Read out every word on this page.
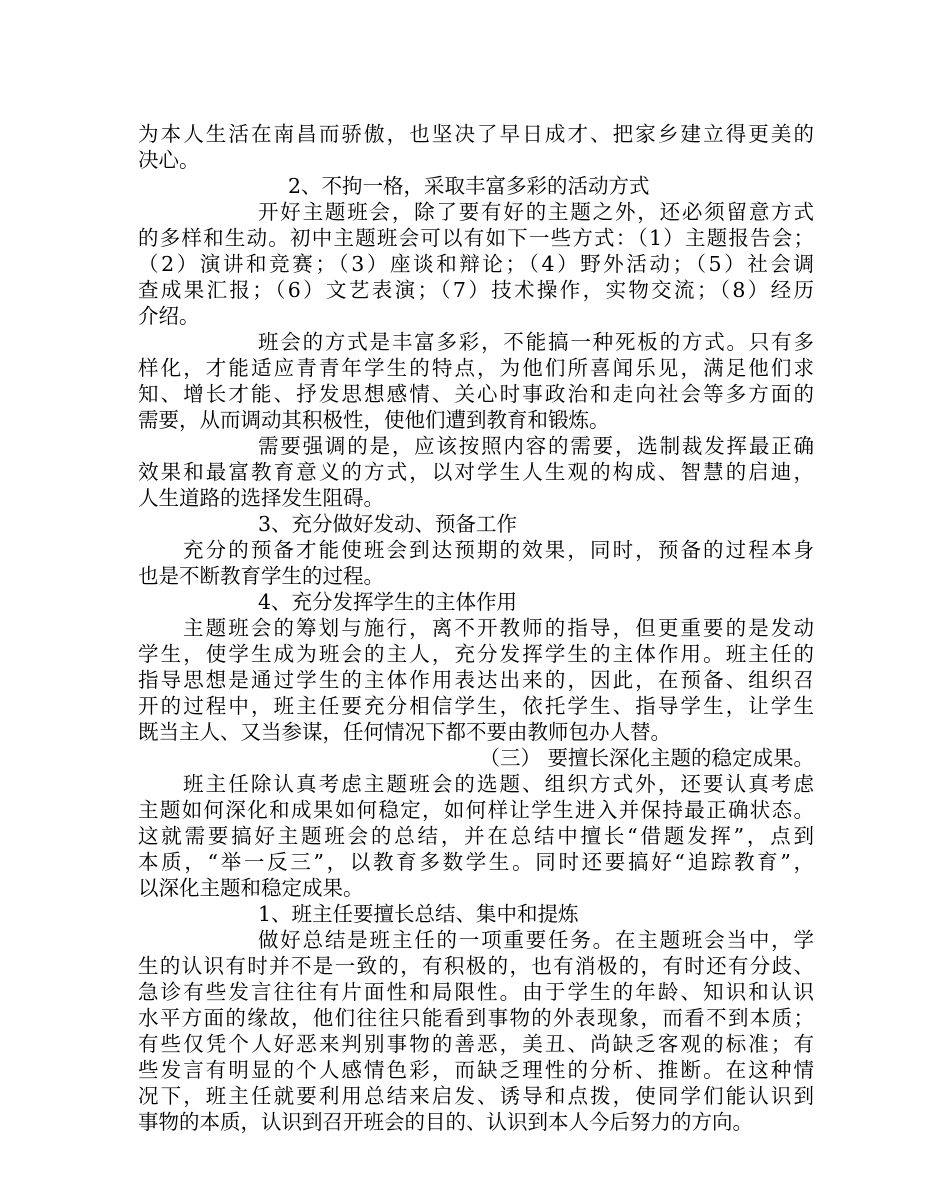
为本人生活在南昌而骄傲，也坚决了早日成才、把家乡建立得更美的
决心。
2、不拘一格，采取丰富多彩的活动方式
开好主题班会，除了要有好的主题之外，还必须留意方式
的多样和生动。初中主题班会可以有如下一些方式：（1）主题报告会；
（2）演讲和竞赛；（3）座谈和辩论；（4）野外活动；（5）社会调
查成果汇报；（6）文艺表演；（7）技术操作，实物交流；（8）经历
介绍。
班会的方式是丰富多彩，不能搞一种死板的方式。只有多
样化，才能适应青青年学生的特点，为他们所喜闻乐见，满足他们求
知、增长才能、抒发思想感情、关心时事政治和走向社会等多方面的
需要，从而调动其积极性，使他们遭到教育和锻炼。
需要强调的是，应该按照内容的需要，选制裁发挥最正确
效果和最富教育意义的方式，以对学生人生观的构成、智慧的启迪，
人生道路的选择发生阻碍。
3、充分做好发动、预备工作
充分的预备才能使班会到达预期的效果，同时，预备的过程本身
也是不断教育学生的过程。
4、充分发挥学生的主体作用
主题班会的筹划与施行，离不开教师的指导，但更重要的是发动
学生，使学生成为班会的主人，充分发挥学生的主体作用。班主任的
指导思想是通过学生的主体作用表达出来的，因此，在预备、组织召
开的过程中，班主任要充分相信学生，依托学生、指导学生，让学生
既当主人、又当参谋，任何情况下都不要由教师包办人替。
（三） 要擅长深化主题的稳定成果。
班主任除认真考虑主题班会的选题、组织方式外，还要认真考虑
主题如何深化和成果如何稳定，如何样让学生进入并保持最正确状态。
这就需要搞好主题班会的总结，并在总结中擅长“借题发挥”，点到
本质，“举一反三”，以教育多数学生。同时还要搞好“追踪教育”，
以深化主题和稳定成果。
1、班主任要擅长总结、集中和提炼
做好总结是班主任的一项重要任务。在主题班会当中，学
生的认识有时并不是一致的，有积极的，也有消极的，有时还有分歧、
急诊有些发言往往有片面性和局限性。由于学生的年龄、知识和认识
水平方面的缘故，他们往往只能看到事物的外表现象，而看不到本质；
有些仅凭个人好恶来判别事物的善恶，美丑、尚缺乏客观的标准；有
些发言有明显的个人感情色彩，而缺乏理性的分析、推断。在这种情
况下，班主任就要利用总结来启发、诱导和点拨，使同学们能认识到
事物的本质，认识到召开班会的目的、认识到本人今后努力的方向。
